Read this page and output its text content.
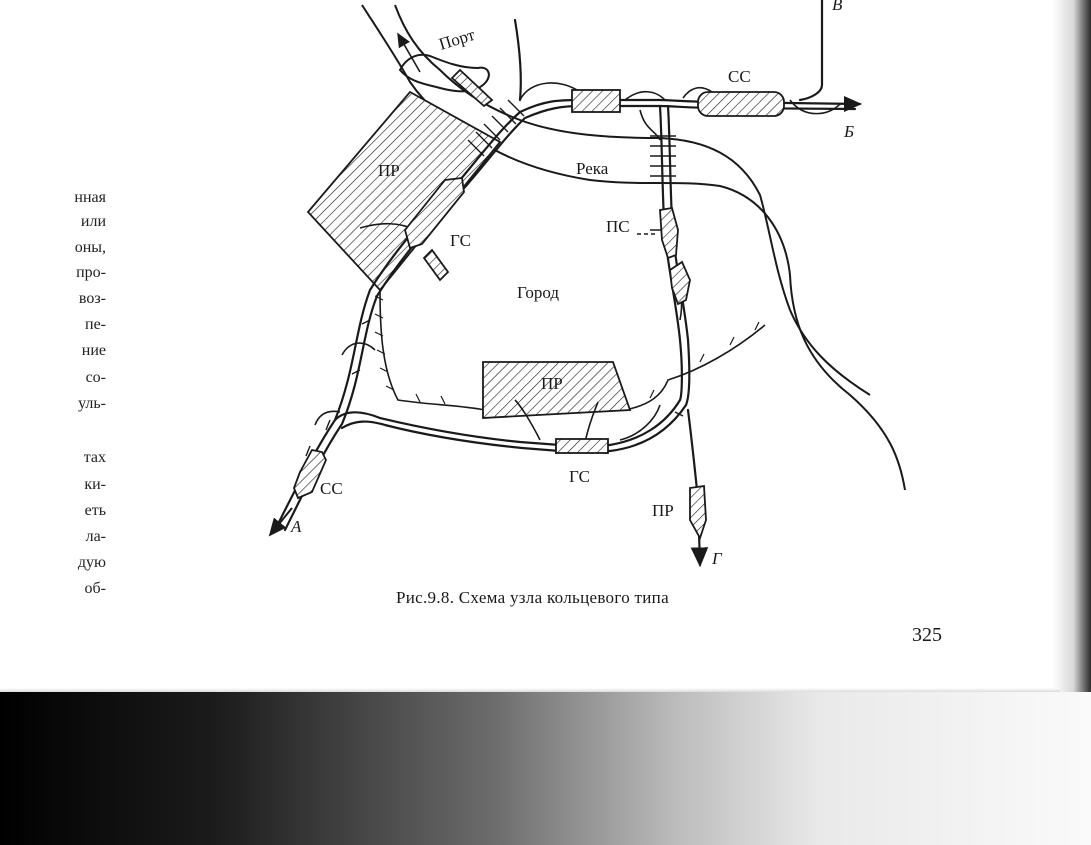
нная
или
оны,
про-
воз-
пе-
ние
со-
уль-
тах
ки-
еть
ла-
дую
об-
Порт
Река
Город
ПР
ГС
ПС
СС
ПР
ГС
СС
ПР
А
Б
В
Г
Рис.9.8. Схема узла кольцевого типа
325
